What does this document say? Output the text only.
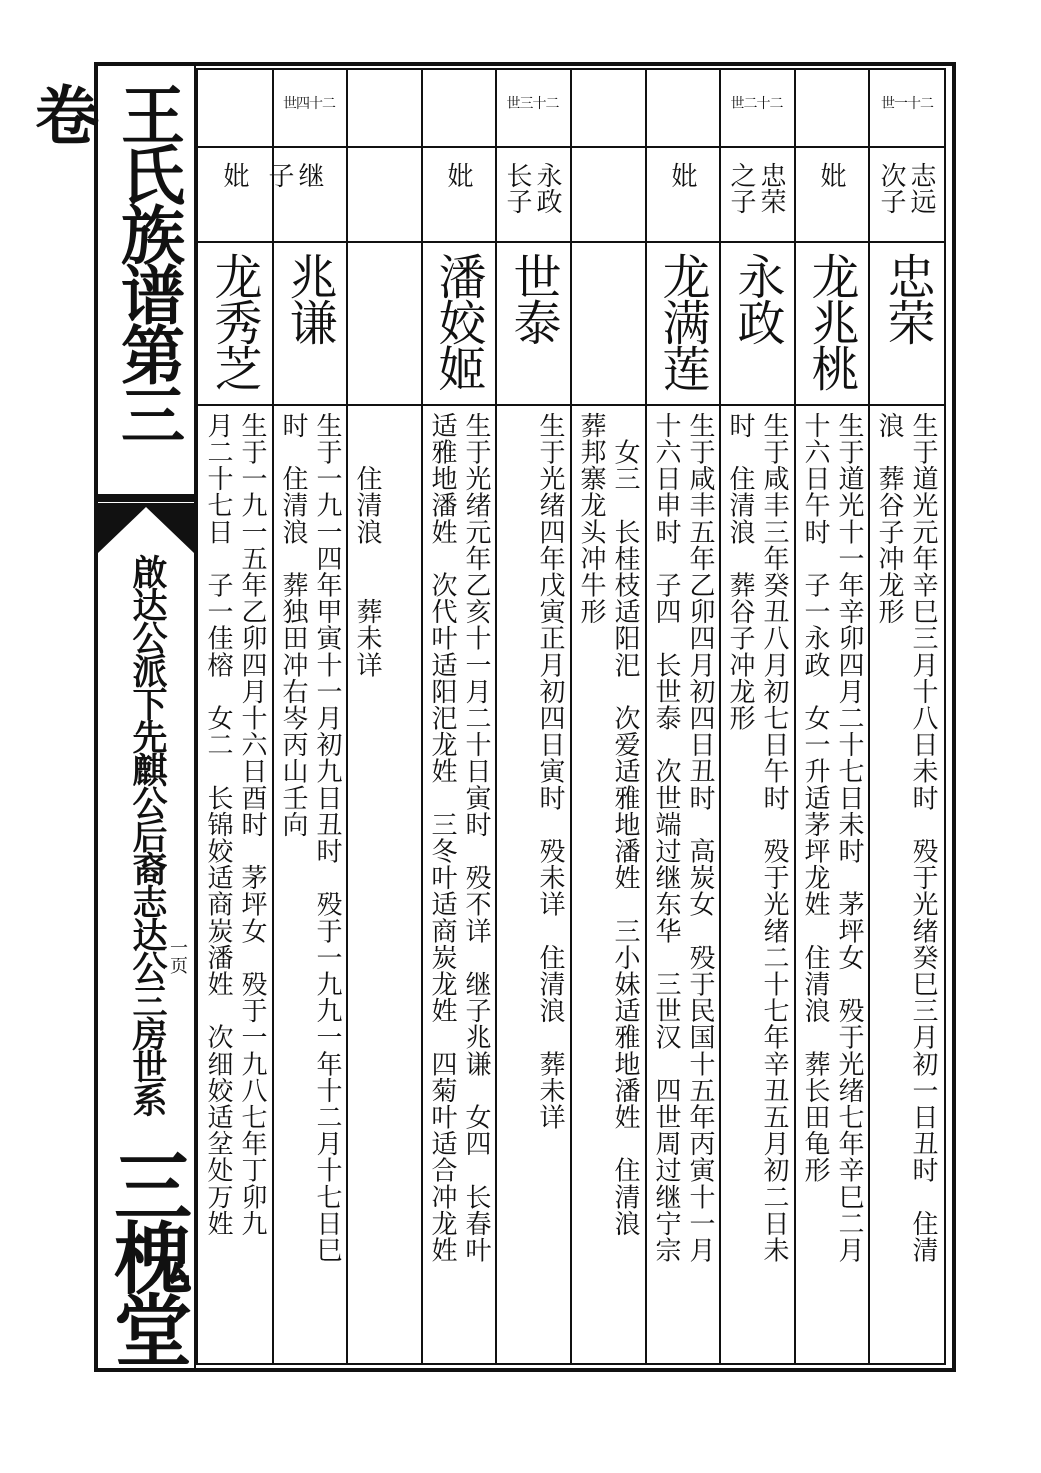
王氏族谱第三卷
啟达公派下先麒公后裔志达公三房世系 一页
三槐堂
二十一世
志远
次子
忠荣
生于道光元年辛巳三月十八日未时　殁于光绪癸巳三月初一日丑时　住清
浪　葬谷子冲龙形
妣
龙兆桃
生于道光十一年辛卯四月二十七日未时　茅坪女　殁于光绪七年辛巳二月
十六日午时　子一永政　女一升适茅坪龙姓　住清浪　葬长田龟形
二十二世
忠荣
之子
永政
生于咸丰三年癸丑八月初七日午时　殁于光绪二十七年辛丑五月初二日未
时　住清浪　葬谷子冲龙形
妣
龙满莲
生于咸丰五年乙卯四月初四日丑时　高炭女　殁于民国十五年丙寅十一月
十六日申时　子四　长世泰　次世端过继东华　三世汉　四世周过继宁宗
　女三　长桂枝适阳汜　次爱适雅地潘姓　三小妹适雅地潘姓　住清浪
葬邦寨龙头冲牛形
二十三世
永政
长子
世泰
生于光绪四年戊寅正月初四日寅时　殁未详　住清浪　葬未详
妣
潘姣姬
生于光绪元年乙亥十一月二十日寅时　殁不详　继子兆谦　女四　长春叶
适雅地潘姓　次代叶适阳汜龙姓　三冬叶适商炭龙姓　四菊叶适合冲龙姓

　　住清浪　　葬未详
二十四世
继
子
兆谦
生于一九一四年甲寅十一月初九日丑时　殁于一九九一年十二月十七日巳
时　住清浪　葬独田冲右岑丙山壬向
妣
龙秀芝
生于一九一五年乙卯四月十六日酉时　茅坪女　殁于一九八七年丁卯九
月二十七日　子一佳榕　女二　长锦姣适商炭潘姓　次细姣适坌处万姓
